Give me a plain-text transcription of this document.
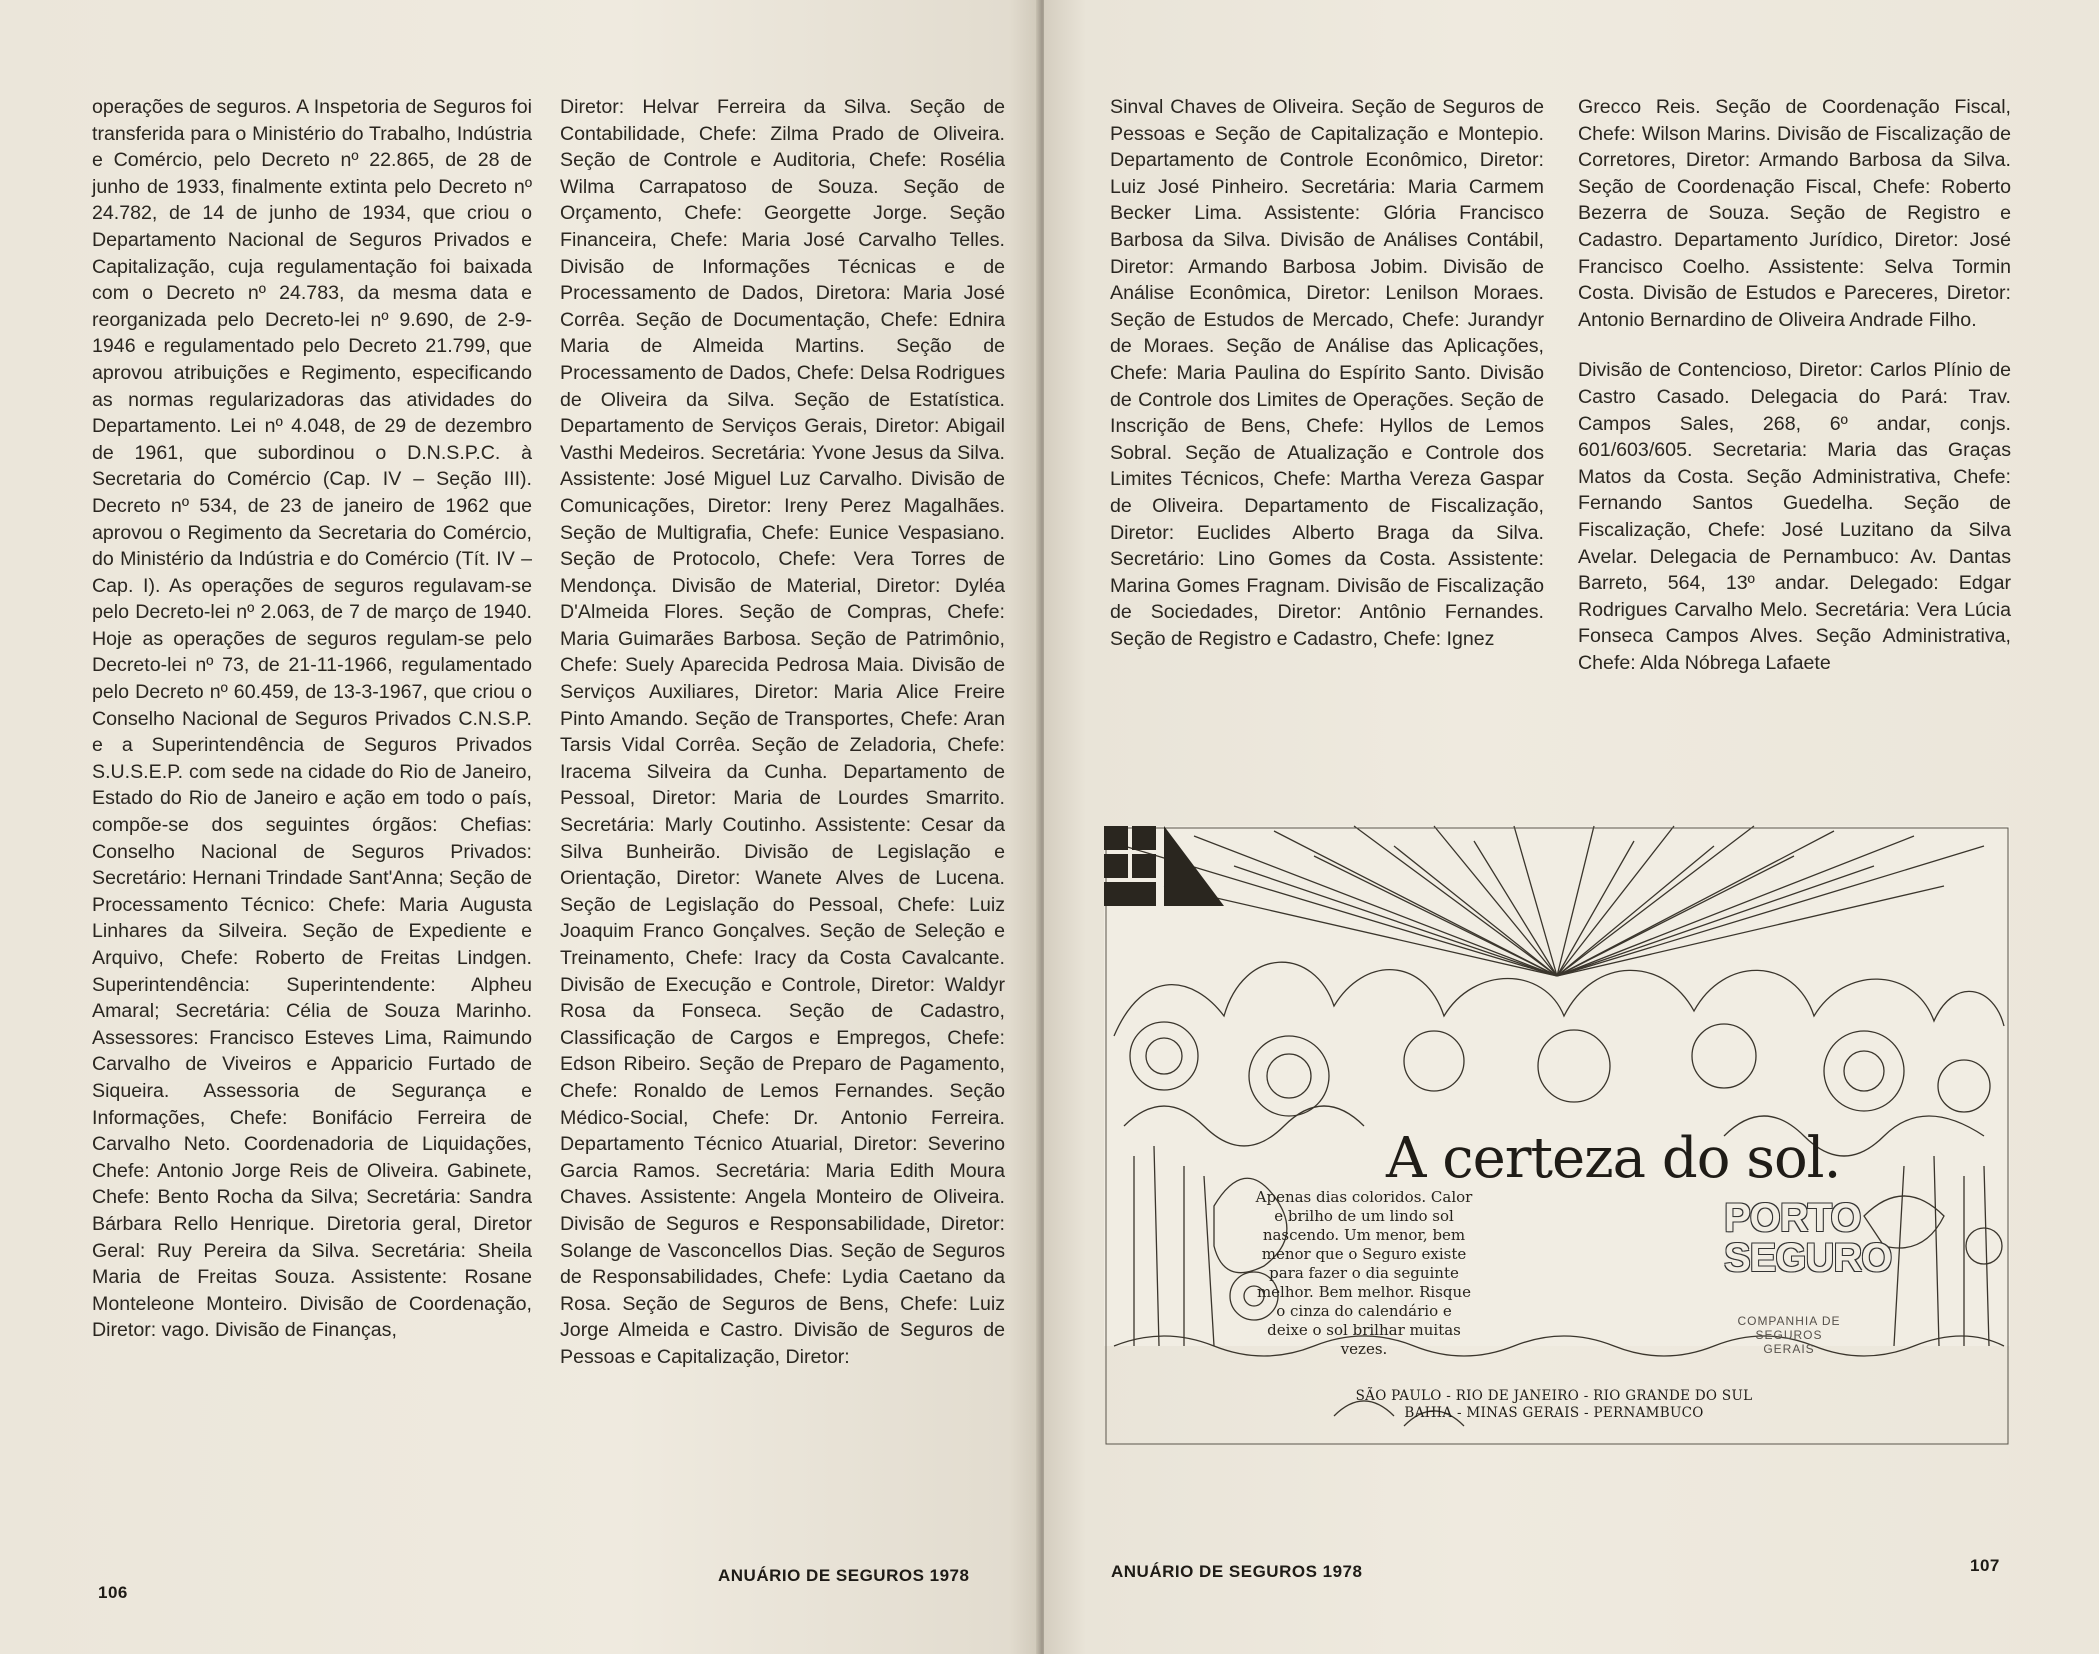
operações de seguros. A Inspetoria de Seguros foi transferida para o Ministério do Trabalho, Indústria e Comércio, pelo Decreto nº 22.865, de 28 de junho de 1933, finalmente extinta pelo Decreto nº 24.782, de 14 de junho de 1934, que criou o Departamento Nacional de Seguros Privados e Capitalização, cuja regulamentação foi baixada com o Decreto nº 24.783, da mesma data e reorganizada pelo Decreto-lei nº 9.690, de 2-9-1946 e regulamentado pelo Decreto 21.799, que aprovou atribuições e Regimento, especificando as normas regularizadoras das atividades do Departamento. Lei nº 4.048, de 29 de dezembro de 1961, que subordinou o D.N.S.P.C. à Secretaria do Comércio (Cap. IV – Seção III). Decreto nº 534, de 23 de janeiro de 1962 que aprovou o Regimento da Secretaria do Comércio, do Ministério da Indústria e do Comércio (Tít. IV – Cap. I). As operações de seguros regulavam-se pelo Decreto-lei nº 2.063, de 7 de março de 1940. Hoje as operações de seguros regulam-se pelo Decreto-lei nº 73, de 21-11-1966, regulamentado pelo Decreto nº 60.459, de 13-3-1967, que criou o Conselho Nacional de Seguros Privados C.N.S.P. e a Superintendência de Seguros Privados S.U.S.E.P. com sede na cidade do Rio de Janeiro, Estado do Rio de Janeiro e ação em todo o país, compõe-se dos seguintes órgãos: Chefias: Conselho Nacional de Seguros Privados: Secretário: Hernani Trindade Sant'Anna; Seção de Processamento Técnico: Chefe: Maria Augusta Linhares da Silveira. Seção de Expediente e Arquivo, Chefe: Roberto de Freitas Lindgen. Superintendência: Superintendente: Alpheu Amaral; Secretária: Célia de Souza Marinho. Assessores: Francisco Esteves Lima, Raimundo Carvalho de Viveiros e Apparicio Furtado de Siqueira. Assessoria de Segurança e Informações, Chefe: Bonifácio Ferreira de Carvalho Neto. Coordenadoria de Liquidações, Chefe: Antonio Jorge Reis de Oliveira. Gabinete, Chefe: Bento Rocha da Silva; Secretária: Sandra Bárbara Rello Henrique. Diretoria geral, Diretor Geral: Ruy Pereira da Silva. Secretária: Sheila Maria de Freitas Souza. Assistente: Rosane Monteleone Monteiro. Divisão de Coordenação, Diretor: vago. Divisão de Finanças,

Diretor: Helvar Ferreira da Silva. Seção de Contabilidade, Chefe: Zilma Prado de Oliveira. Seção de Controle e Auditoria, Chefe: Rosélia Wilma Carrapatoso de Souza. Seção de Orçamento, Chefe: Georgette Jorge. Seção Financeira, Chefe: Maria José Carvalho Telles. Divisão de Informações Técnicas e de Processamento de Dados, Diretora: Maria José Corrêa. Seção de Documentação, Chefe: Ednira Maria de Almeida Martins. Seção de Processamento de Dados, Chefe: Delsa Rodrigues de Oliveira da Silva. Seção de Estatística. Departamento de Serviços Gerais, Diretor: Abigail Vasthi Medeiros. Secretária: Yvone Jesus da Silva. Assistente: José Miguel Luz Carvalho. Divisão de Comunicações, Diretor: Ireny Perez Magalhães. Seção de Multigrafia, Chefe: Eunice Vespasiano. Seção de Protocolo, Chefe: Vera Torres de Mendonça. Divisão de Material, Diretor: Dyléa D'Almeida Flores. Seção de Compras, Chefe: Maria Guimarães Barbosa. Seção de Patrimônio, Chefe: Suely Aparecida Pedrosa Maia. Divisão de Serviços Auxiliares, Diretor: Maria Alice Freire Pinto Amando. Seção de Transportes, Chefe: Aran Tarsis Vidal Corrêa. Seção de Zeladoria, Chefe: Iracema Silveira da Cunha. Departamento de Pessoal, Diretor: Maria de Lourdes Smarrito. Secretária: Marly Coutinho. Assistente: Cesar da Silva Bunheirão. Divisão de Legislação e Orientação, Diretor: Wanete Alves de Lucena. Seção de Legislação do Pessoal, Chefe: Luiz Joaquim Franco Gonçalves. Seção de Seleção e Treinamento, Chefe: Iracy da Costa Cavalcante. Divisão de Execução e Controle, Diretor: Waldyr Rosa da Fonseca. Seção de Cadastro, Classificação de Cargos e Empregos, Chefe: Edson Ribeiro. Seção de Preparo de Pagamento, Chefe: Ronaldo de Lemos Fernandes. Seção Médico-Social, Chefe: Dr. Antonio Ferreira. Departamento Técnico Atuarial, Diretor: Severino Garcia Ramos. Secretária: Maria Edith Moura Chaves. Assistente: Angela Monteiro de Oliveira. Divisão de Seguros e Responsabilidade, Diretor: Solange de Vasconcellos Dias. Seção de Seguros de Responsabilidades, Chefe: Lydia Caetano da Rosa. Seção de Seguros de Bens, Chefe: Luiz Jorge Almeida e Castro. Divisão de Seguros de Pessoas e Capitalização, Diretor:

106
ANUÁRIO DE SEGUROS 1978

Sinval Chaves de Oliveira. Seção de Seguros de Pessoas e Seção de Capitalização e Montepio. Departamento de Controle Econômico, Diretor: Luiz José Pinheiro. Secretária: Maria Carmem Becker Lima. Assistente: Glória Francisco Barbosa da Silva. Divisão de Análises Contábil, Diretor: Armando Barbosa Jobim. Divisão de Análise Econômica, Diretor: Lenilson Moraes. Seção de Estudos de Mercado, Chefe: Jurandyr de Moraes. Seção de Análise das Aplicações, Chefe: Maria Paulina do Espírito Santo. Divisão de Controle dos Limites de Operações. Seção de Inscrição de Bens, Chefe: Hyllos de Lemos Sobral. Seção de Atualização e Controle dos Limites Técnicos, Chefe: Martha Vereza Gaspar de Oliveira. Departamento de Fiscalização, Diretor: Euclides Alberto Braga da Silva. Secretário: Lino Gomes da Costa. Assistente: Marina Gomes Fragnam. Divisão de Fiscalização de Sociedades, Diretor: Antônio Fernandes. Seção de Registro e Cadastro, Chefe: Ignez

Grecco Reis. Seção de Coordenação Fiscal, Chefe: Wilson Marins. Divisão de Fiscalização de Corretores, Diretor: Armando Barbosa da Silva. Seção de Coordenação Fiscal, Chefe: Roberto Bezerra de Souza. Seção de Registro e Cadastro. Departamento Jurídico, Diretor: José Francisco Coelho. Assistente: Selva Tormin Costa. Divisão de Estudos e Pareceres, Diretor: Antonio Bernardino de Oliveira Andrade Filho.

Divisão de Contencioso, Diretor: Carlos Plínio de Castro Casado. Delegacia do Pará: Trav. Campos Sales, 268, 6º andar, conjs. 601/603/605. Secretaria: Maria das Graças Matos da Costa. Seção Administrativa, Chefe: Fernando Santos Guedelha. Seção de Fiscalização, Chefe: José Luzitano da Silva Avelar. Delegacia de Pernambuco: Av. Dantas Barreto, 564, 13º andar. Delegado: Edgar Rodrigues Carvalho Melo. Secretária: Vera Lúcia Fonseca Campos Alves. Seção Administrativa, Chefe: Alda Nóbrega Lafaete

A certeza do sol.
Apenas dias coloridos. Calor e brilho de um lindo sol nascendo. Um menor, bem menor que o Seguro existe para fazer o dia seguinte melhor. Bem melhor. Risque o cinza do calendário e deixe o sol brilhar muitas vezes.
PORTO
SEGURO
COMPANHIA DE SEGUROS GERAIS
SÃO PAULO - RIO DE JANEIRO - RIO GRANDE DO SUL
BAHIA - MINAS GERAIS - PERNAMBUCO
ANUÁRIO DE SEGUROS 1978	107
